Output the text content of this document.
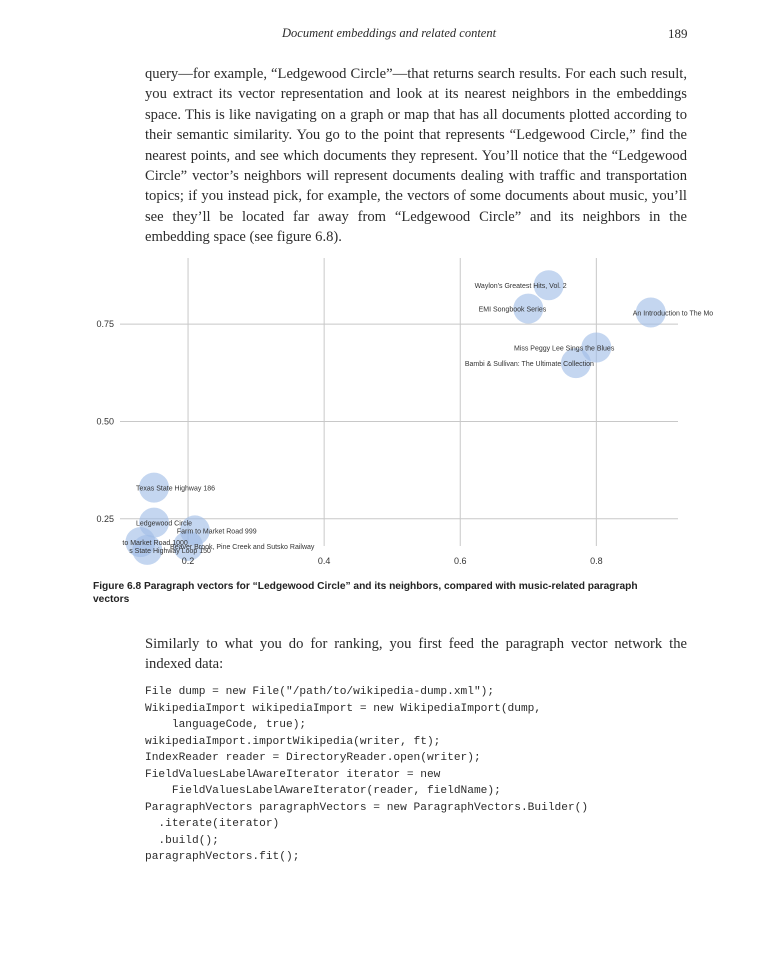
Document embeddings and related content	189

query—for example, “Ledgewood Circle”—that returns search results. For each such result, you extract its vector representation and look at its nearest neighbors in the embeddings space. This is like navigating on a graph or map that has all documents plotted according to their semantic similarity. You go to the point that represents “Ledgewood Circle,” find the nearest points, and see which documents they represent. You’ll notice that the “Ledgewood Circle” vector’s neighbors will represent documents dealing with traffic and transportation topics; if you instead pick, for example, the vectors of some documents about music, you’ll see they’ll be located far away from “Ledgewood Circle” and its neighbors in the embedding space (see figure 6.8).

Waylon's Greatest Hits, Vol. 2
EMI Songbook Series
An Introduction to The Mo
Miss Peggy Lee Sings the Blues
Bambi & Sullivan: The Ultimate Collection
Texas State Highway 186
Ledgewood Circle
Farm to Market Road 999
to Market Road 1000
s State Highway Loop 150
Beaver Brook, Pine Creek and Sutsko Railway
0.2	0.4	0.6	0.8
0.25
0.50
0.75

Figure 6.8 Paragraph vectors for “Ledgewood Circle” and its neighbors, compared with music-related paragraph vectors

Similarly to what you do for ranking, you first feed the paragraph vector network the indexed data:

File dump = new File("/path/to/wikipedia-dump.xml");
WikipediaImport wikipediaImport = new WikipediaImport(dump,
languageCode, true);
wikipediaImport.importWikipedia(writer, ft);
IndexReader reader = DirectoryReader.open(writer);
FieldValuesLabelAwareIterator iterator = new
FieldValuesLabelAwareIterator(reader, fieldName);
ParagraphVectors paragraphVectors = new ParagraphVectors.Builder()
.iterate(iterator)
.build();
paragraphVectors.fit();
